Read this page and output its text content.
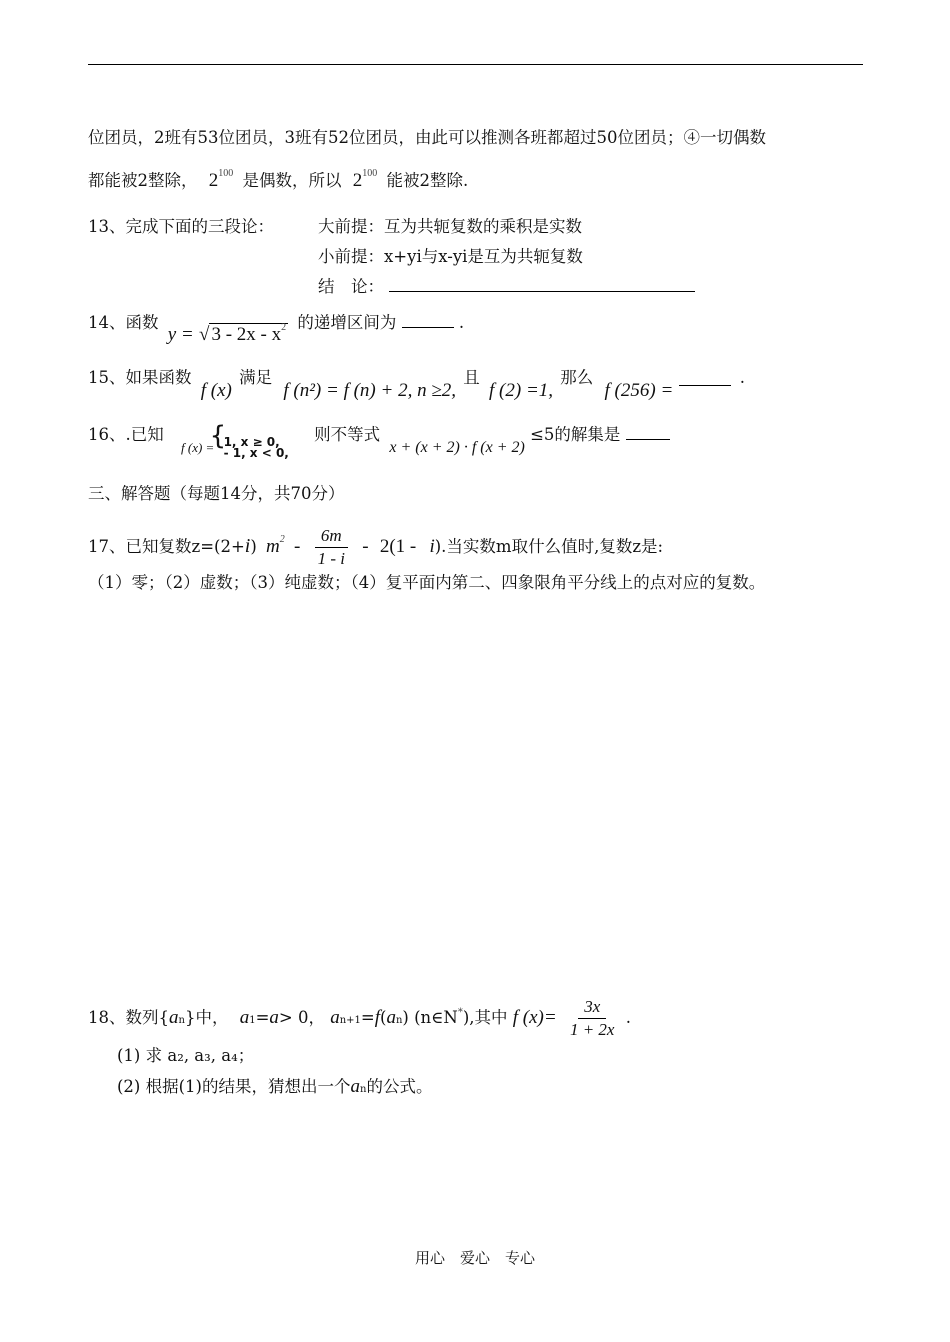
位团员，2班有53位团员，3班有52位团员，由此可以推测各班都超过50位团员；④一切偶数
都能被2整除， $2^{100}$ 是偶数，所以 $2^{100}$ 能被2整除.
13、完成下面的三段论：	大前提：互为共轭复数的乘积是实数
小前提：x+yi与x-yi是互为共轭复数
结　论：
14、函数 y = √ $3 - 2x - x^2$ 的递增区间为	.
15、如果函数 f (x) 满足 f (n²) = f (n) + 2, n ≥2, 且 f (2) =1, 那么 f (256) =  .
16、.已知 $_{f (x) =}$
{
1, x ≥ 0,
- 1, x < 0,
则不等式 x + (x + 2) · f (x + 2) ≤5的解集是
三、解答题（每题14分，共70分）
17、已知复数z=(2+i) $m^2 - \frac{6m}{1 - i} - 2(1 - i)$.当实数m取什么值时,复数z是:
（1）零；（2）虚数；（3）纯虚数；（4）复平面内第二、四象限角平分线上的点对应的复数。
18、数列{an}中， a1=a> 0， an+1=f(an) (n∈N*),其中 f $(x)= \frac{3x}{1 + 2x}$ .
(1) 求 a₂, a₃, a₄；
(2) 根据(1)的结果，猜想出一个an的公式。
用心　爱心　专心
